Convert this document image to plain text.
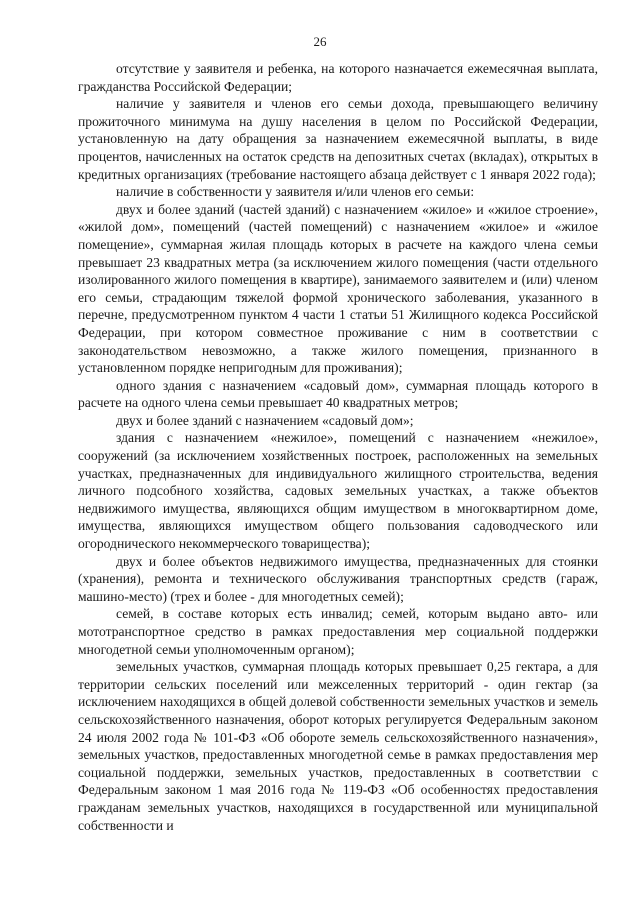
26

отсутствие у заявителя и ребенка, на которого назначается ежемесячная выплата, гражданства Российской Федерации;

наличие у заявителя и членов его семьи дохода, превышающего величину прожиточного минимума на душу населения в целом по Российской Федерации, установленную на дату обращения за назначением ежемесячной выплаты, в виде процентов, начисленных на остаток средств на депозитных счетах (вкладах), открытых в кредитных организациях (требование настоящего абзаца действует с 1 января 2022 года);

наличие в собственности у заявителя и/или членов его семьи:

двух и более зданий (частей зданий) с назначением «жилое» и «жилое строение», «жилой дом», помещений (частей помещений) с назначением «жилое» и «жилое помещение», суммарная жилая площадь которых в расчете на каждого члена семьи превышает 23 квадратных метра (за исключением жилого помещения (части отдельного изолированного жилого помещения в квартире), занимаемого заявителем и (или) членом его семьи, страдающим тяжелой формой хронического заболевания, указанного в перечне, предусмотренном пунктом 4 части 1 статьи 51 Жилищного кодекса Российской Федерации, при котором совместное проживание с ним в соответствии с законодательством невозможно, а также жилого помещения, признанного в установленном порядке непригодным для проживания);

одного здания с назначением «садовый дом», суммарная площадь которого в расчете на одного члена семьи превышает 40 квадратных метров;

двух и более зданий с назначением «садовый дом»;

здания с назначением «нежилое», помещений с назначением «нежилое», сооружений (за исключением хозяйственных построек, расположенных на земельных участках, предназначенных для индивидуального жилищного строительства, ведения личного подсобного хозяйства, садовых земельных участках, а также объектов недвижимого имущества, являющихся общим имуществом в многоквартирном доме, имущества, являющихся имуществом общего пользования садоводческого или огороднического некоммерческого товарищества);

двух и более объектов недвижимого имущества, предназначенных для стоянки (хранения), ремонта и технического обслуживания транспортных средств (гараж, машино-место) (трех и более - для многодетных семей);

семей, в составе которых есть инвалид; семей, которым выдано авто- или мототранспортное средство в рамках предоставления мер социальной поддержки многодетной семьи уполномоченным органом);

земельных участков, суммарная площадь которых превышает 0,25 гектара, а для территории сельских поселений или межселенных территорий - один гектар (за исключением находящихся в общей долевой собственности земельных участков и земель сельскохозяйственного назначения, оборот которых регулируется Федеральным законом 24 июля 2002 года № 101-ФЗ «Об обороте земель сельскохозяйственного назначения», земельных участков, предоставленных многодетной семье в рамках предоставления мер социальной поддержки, земельных участков, предоставленных в соответствии с Федеральным законом 1 мая 2016 года № 119-ФЗ «Об особенностях предоставления гражданам земельных участков, находящихся в государственной или муниципальной собственности и
